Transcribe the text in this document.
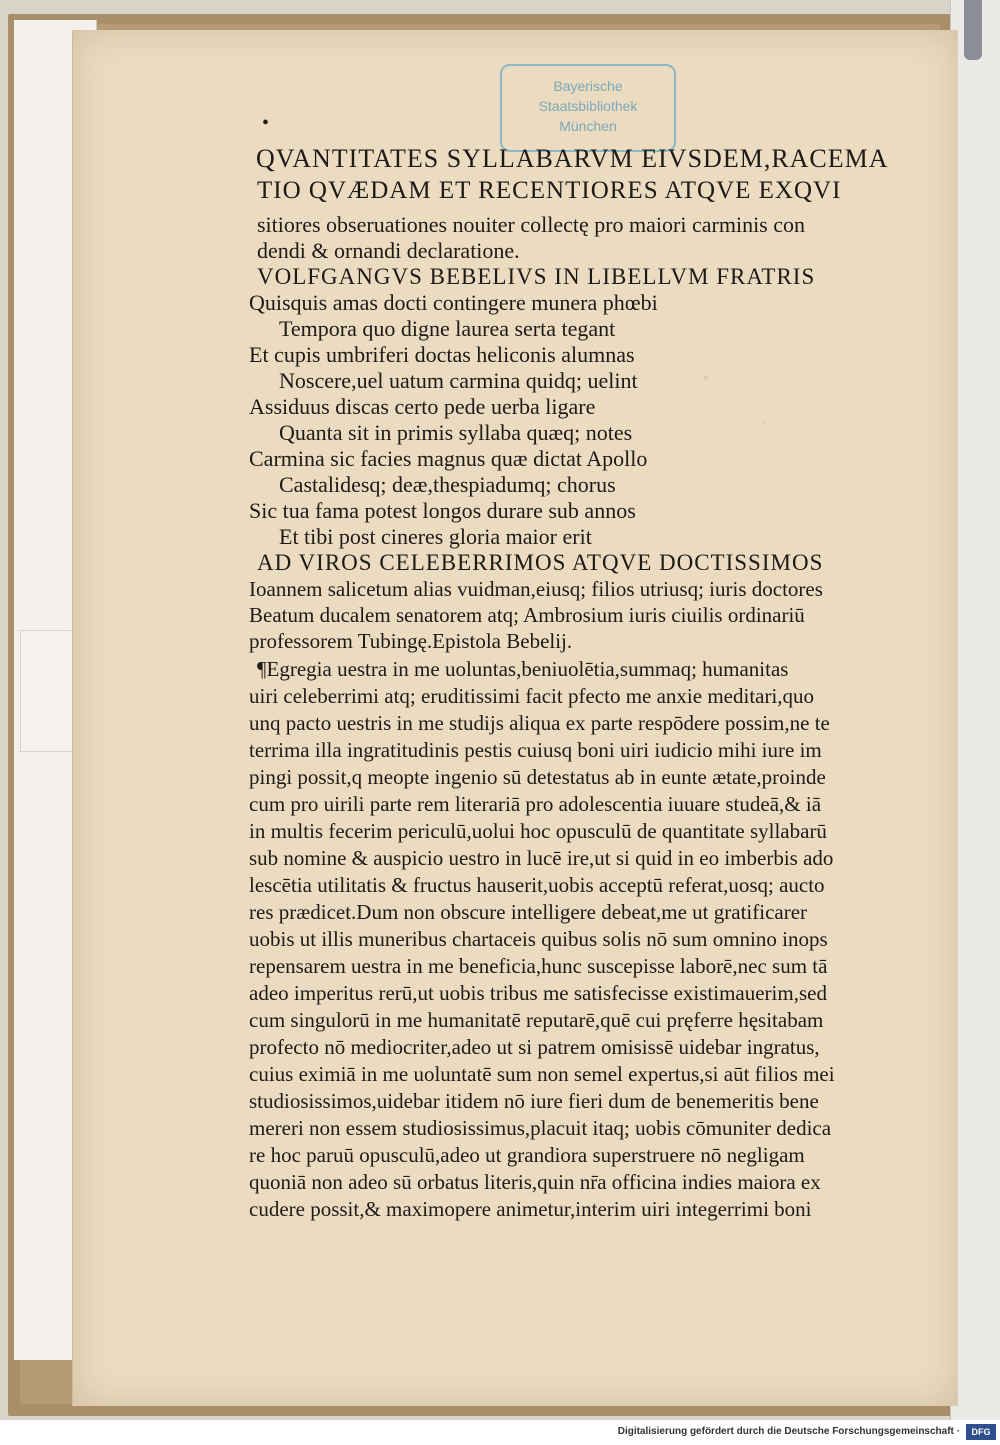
Bayerische
Staatsbibliothek
München
•
·
·
QVANTITATES SYLLABARVM EIVSDEM,RACEMA
TIO QVÆDAM ET RECENTIORES ATQVE EXQVI
sitiores obseruationes nouiter collectę pro maiori carminis con
dendi & ornandi declaratione.
VOLFGANGVS BEBELIVS IN LIBELLVM FRATRIS
Quisquis amas docti contingere munera phœbi
Tempora quo digne laurea serta tegant
Et cupis umbriferi doctas heliconis alumnas
Noscere,uel uatum carmina quidq; uelint
Assiduus discas certo pede uerba ligare
Quanta sit in primis syllaba quæq; notes
Carmina sic facies magnus quæ dictat Apollo
Castalidesq; deæ,thespiadumq; chorus
Sic tua fama potest longos durare sub annos
Et tibi post cineres gloria maior erit
AD VIROS CELEBERRIMOS ATQVE DOCTISSIMOS
Ioannem salicetum alias vuidman,eiusq; filios utriusq; iuris doctores
Beatum ducalem senatorem atq; Ambrosium iuris ciuilis ordinariū
professorem Tubingę.Epistola Bebelij.
¶Egregia uestra in me uoluntas,beniuolētia,summaq; humanitas
uiri celeberrimi atq; eruditissimi facit pfecto me anxie meditari,quo
unq pacto uestris in me studijs aliqua ex parte respōdere possim,ne te
terrima illa ingratitudinis pestis cuiusq boni uiri iudicio mihi iure im
pingi possit,q meopte ingenio sū detestatus ab in eunte ætate,proinde
cum pro uirili parte rem literariā pro adolescentia iuuare studeā,& iā
in multis fecerim periculū,uolui hoc opusculū de quantitate syllabarū
sub nomine & auspicio uestro in lucē ire,ut si quid in eo imberbis ado
lescētia utilitatis & fructus hauserit,uobis acceptū referat,uosq; aucto
res prædicet.Dum non obscure intelligere debeat,me ut gratificarer
uobis ut illis muneribus chartaceis quibus solis nō sum omnino inops
repensarem uestra in me beneficia,hunc suscepisse laborē,nec sum tā
adeo imperitus rerū,ut uobis tribus me satisfecisse existimauerim,sed
cum singulorū in me humanitatē reputarē,quē cui pręferre hęsitabam
profecto nō mediocriter,adeo ut si patrem omisissē uidebar ingratus,
cuius eximiā in me uoluntatē sum non semel expertus,si aūt filios mei
studiosissimos,uidebar itidem nō iure fieri dum de benemeritis bene
mereri non essem studiosissimus,placuit itaq; uobis cōmuniter dedica
re hoc paruū opusculū,adeo ut grandiora superstruere nō negligam
quoniā non adeo sū orbatus literis,quin nr̄a officina indies maiora ex
cudere possit,& maximopere animetur,interim uiri integerrimi boni
Digitalisierung gefördert durch die Deutsche Forschungsgemeinschaft ·	DFG
